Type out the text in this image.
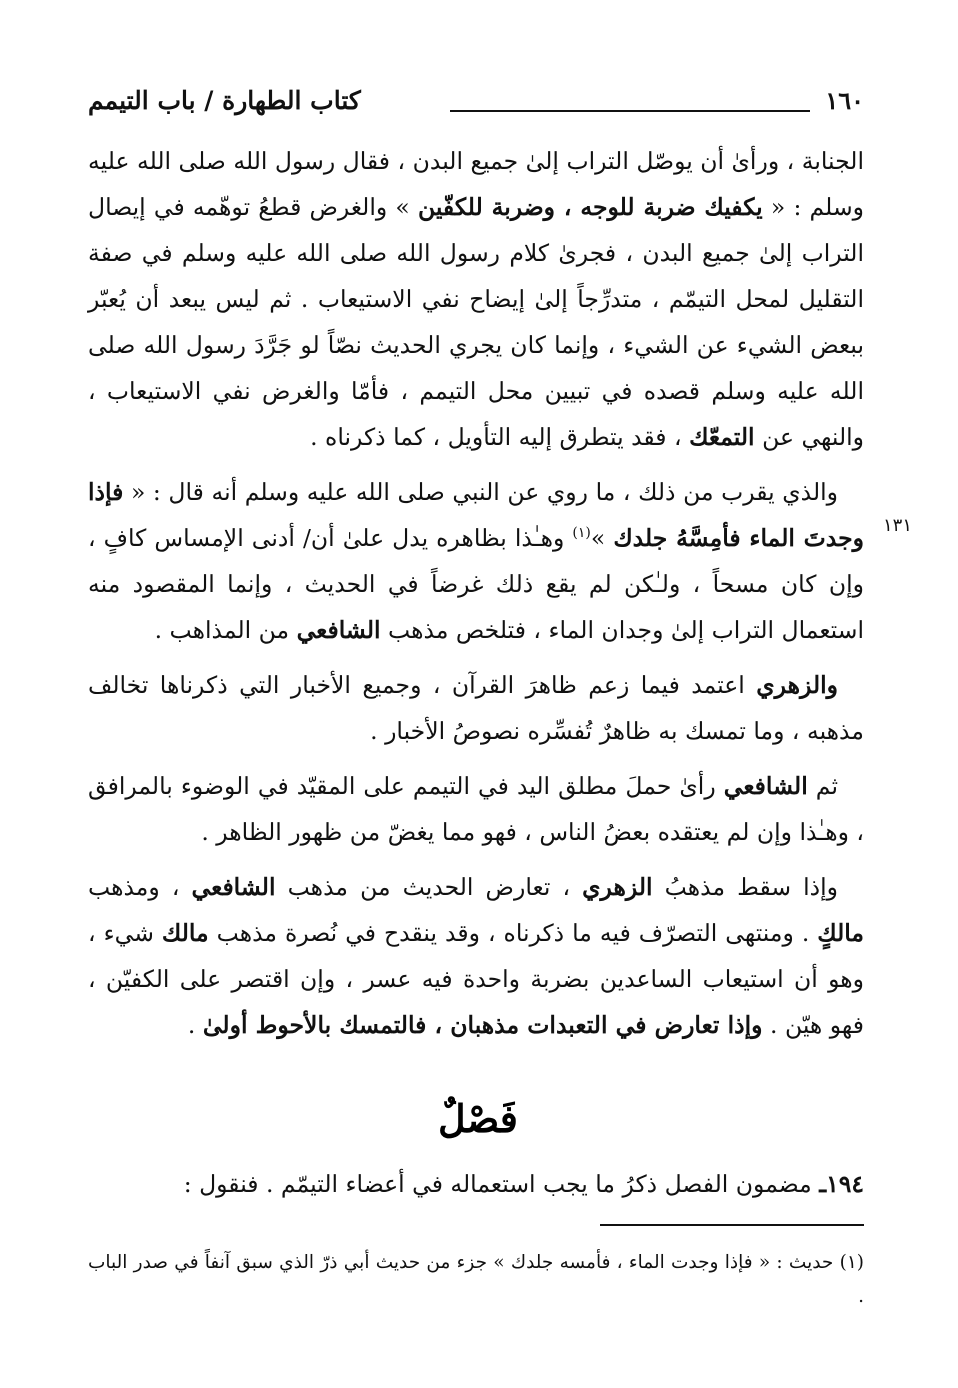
١٦٠
كتاب الطهارة / باب التيمم
١٣١

الجنابة ، ورأىٰ أن يوصّل التراب إلىٰ جميع البدن ، فقال رسول الله صلى الله عليه وسلم : « يكفيك ضربة للوجه ، وضربة للكفّين » والغرض قطعُ توهّمه في إيصال التراب إلىٰ جميع البدن ، فجرىٰ كلام رسول الله صلى الله عليه وسلم في صفة التقليل لمحل التيمّم ، متدرِّجاً إلىٰ إيضاح نفي الاستيعاب . ثم ليس يبعد أن يُعبّر ببعض الشيء عن الشيء ، وإنما كان يجري الحديث نصّاً لو جَرَّدَ رسول الله صلى الله عليه وسلم قصده في تبيين محل التيمم ، فأمّا والغرض نفي الاستيعاب ، والنهي عن التمعّك ، فقد يتطرق إليه التأويل ، كما ذكرناه .

والذي يقرب من ذلك ، ما روي عن النبي صلى الله عليه وسلم أنه قال : « فإذا وجدتَ الماء فأمِسَّهُ جلدك »$^{(١)}$ وهـٰذا بظاهره يدل علىٰ أن/ أدنى الإمساس كافٍ ، وإن كان مسحاً ، ولـٰكن لم يقع ذلك غرضاً في الحديث ، وإنما المقصود منه استعمال التراب إلىٰ وجدان الماء ، فتلخص مذهب الشافعي من المذاهب .

والزهري اعتمد فيما زعم ظاهرَ القرآن ، وجميع الأخبار التي ذكرناها تخالف مذهبه ، وما تمسك به ظاهرٌ تُفسِّره نصوصُ الأخبار .

ثم الشافعي رأىٰ حملَ مطلق اليد في التيمم على المقيّد في الوضوء بالمرافق ، وهـٰذا وإن لم يعتقده بعضُ الناس ، فهو مما يغضّ من ظهور الظاهر .

وإذا سقط مذهبُ الزهري ، تعارض الحديث من مذهب الشافعي ، ومذهب مالكٍ . ومنتهى التصرّف فيه ما ذكرناه ، وقد ينقدح في نُصرة مذهب مالك شيء ، وهو أن استيعاب الساعدين بضربة واحدة فيه عسر ، وإن اقتصر على الكفيّن ، فهو هيّن . وإذا تعارض في التعبدات مذهبان ، فالتمسك بالأحوط أولىٰ .

فَصْلٌ
١٩٤ـ مضمون الفصل ذكرُ ما يجب استعماله في أعضاء التيمّم . فنقول :
(١) حديث : « فإذا وجدت الماء ، فأمسه جلدك » جزء من حديث أبي ذرّ الذي سبق آنفاً في صدر الباب .
